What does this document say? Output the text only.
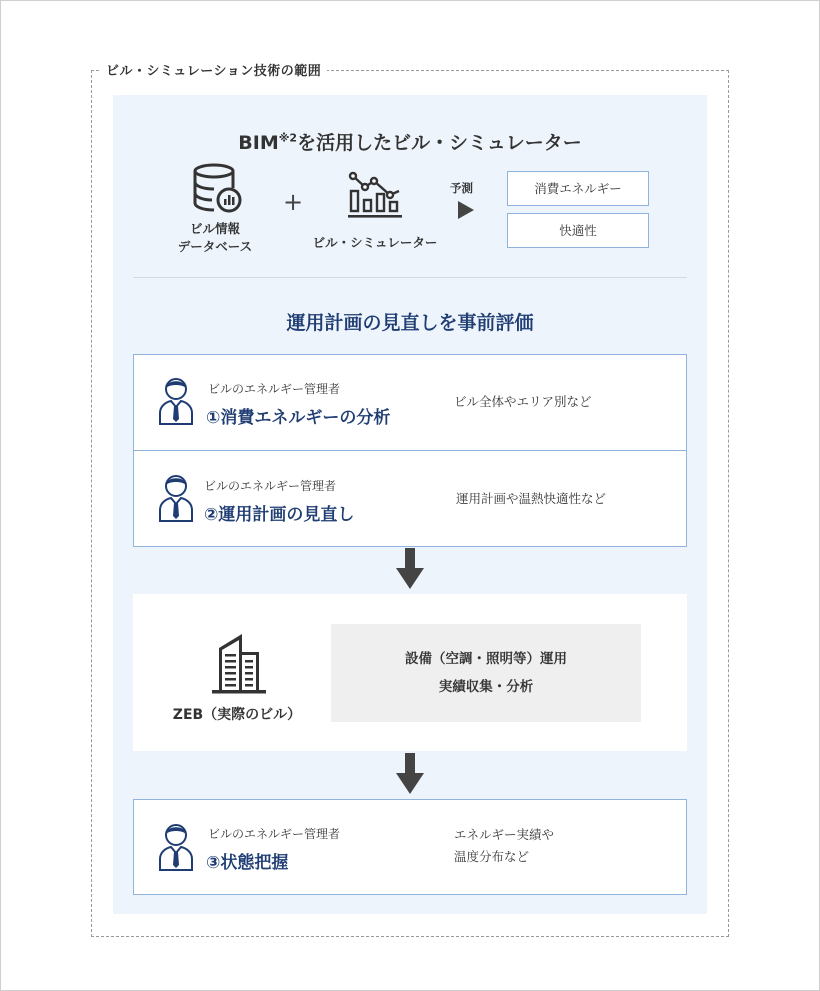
ビル・シミュレーション技術の範囲
BIM$^{※2}$を活用したビル・シミュレーター
ビル情報
データベース
+
ビル・シミュレーター
予測	消費エネルギー
快適性
運用計画の見直しを事前評価
ビルのエネルギー管理者
①消費エネルギーの分析
ビル全体やエリア別など
ビルのエネルギー管理者
②運用計画の見直し
運用計画や温熱快適性など
ZEB（実際のビル）
設備（空調・照明等）運用
実績収集・分析
ビルのエネルギー管理者
③状態把握
エネルギー実績や
温度分布など
